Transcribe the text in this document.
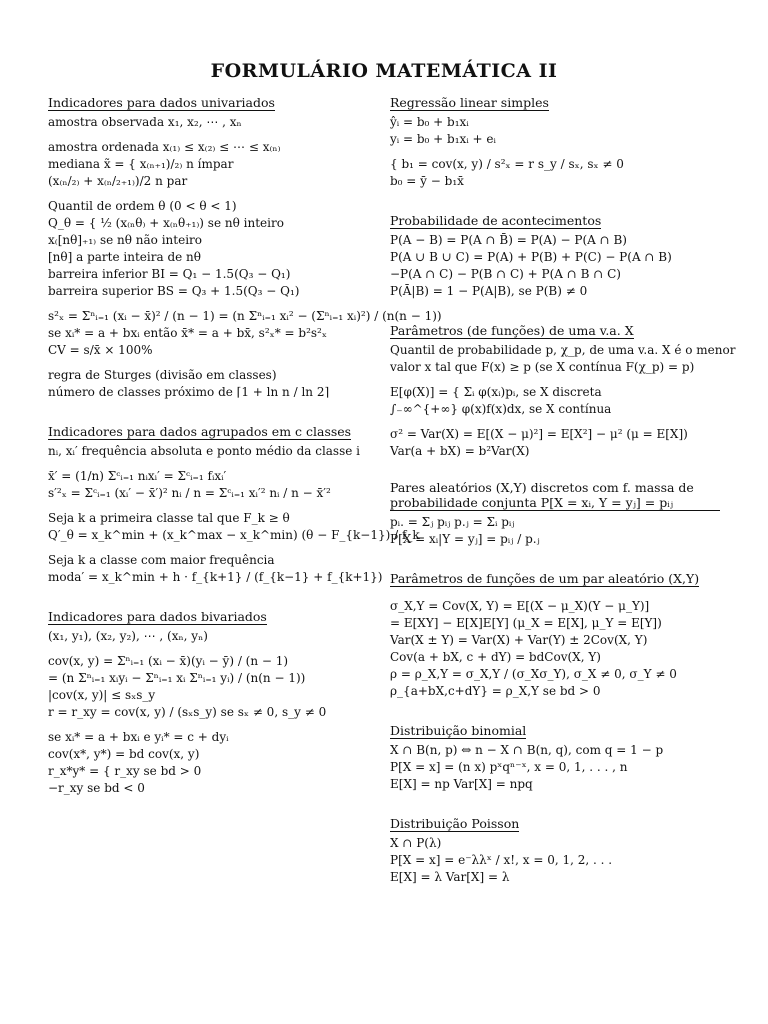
FORMULÁRIO MATEMÁTICA II
Indicadores para dados univariados
amostra observada x₁, x₂, ⋯ , xₙ
amostra ordenada x₍₁₎ ≤ x₍₂₎ ≤ ⋯ ≤ x₍ₙ₎
mediana x̃ = { x₍ₙ₊₁)/₂₎ n ímpar
(x₍ₙ/₂₎ + x₍ₙ/₂₊₁₎)/2 n par
Quantil de ordem θ (0 < θ < 1)
Q_θ = { ½ (x₍ₙθ₎ + x₍ₙθ₊₁₎) se nθ inteiro
x₍[nθ]₊₁₎ se nθ não inteiro
[nθ] a parte inteira de nθ
barreira inferior BI = Q₁ − 1.5(Q₃ − Q₁)
barreira superior BS = Q₃ + 1.5(Q₃ − Q₁)
s²ₓ = Σⁿᵢ₌₁ (xᵢ − x̄)² / (n − 1) = (n Σⁿᵢ₌₁ xᵢ² − (Σⁿᵢ₌₁ xᵢ)²) / (n(n − 1))
se xᵢ* = a + bxᵢ então x̄* = a + bx̄, s²ₓ* = b²s²ₓ
CV = s/x̄ × 100%
regra de Sturges (divisão em classes)
número de classes próximo de ⌈1 + ln n / ln 2⌉
Indicadores para dados agrupados em c classes
nᵢ, xᵢ′ frequência absoluta e ponto médio da classe i
x̄′ = (1/n) Σᶜᵢ₌₁ nᵢxᵢ′ = Σᶜᵢ₌₁ fᵢxᵢ′
s′²ₓ = Σᶜᵢ₌₁ (xᵢ′ − x̄′)² nᵢ / n = Σᶜᵢ₌₁ xᵢ′² nᵢ / n − x̄′²
Seja k a primeira classe tal que F_k ≥ θ
Q′_θ = x_k^min + (x_k^max − x_k^min) (θ − F_{k−1}) / f_k
Seja k a classe com maior frequência
moda′ = x_k^min + h · f_{k+1} / (f_{k−1} + f_{k+1})
Indicadores para dados bivariados
(x₁, y₁), (x₂, y₂), ⋯ , (xₙ, yₙ)
cov(x, y) = Σⁿᵢ₌₁ (xᵢ − x̄)(yᵢ − ȳ) / (n − 1)
= (n Σⁿᵢ₌₁ xᵢyᵢ − Σⁿᵢ₌₁ xᵢ Σⁿᵢ₌₁ yᵢ) / (n(n − 1))
|cov(x, y)| ≤ sₓs_y
r = r_xy = cov(x, y) / (sₓs_y) se sₓ ≠ 0, s_y ≠ 0
se xᵢ* = a + bxᵢ e yᵢ* = c + dyᵢ
cov(x*, y*) = bd cov(x, y)
r_x*y* = { r_xy se bd > 0
−r_xy se bd < 0
Regressão linear simples
ŷᵢ = b₀ + b₁xᵢ
yᵢ = b₀ + b₁xᵢ + eᵢ
{ b₁ = cov(x, y) / s²ₓ = r s_y / sₓ, sₓ ≠ 0
b₀ = ȳ − b₁x̄
Probabilidade de acontecimentos
P(A − B) = P(A ∩ B̄) = P(A) − P(A ∩ B)
P(A ∪ B ∪ C) = P(A) + P(B) + P(C) − P(A ∩ B)
−P(A ∩ C) − P(B ∩ C) + P(A ∩ B ∩ C)
P(Ā|B) = 1 − P(A|B), se P(B) ≠ 0
Parâmetros (de funções) de uma v.a. X
Quantil de probabilidade p, χ_p, de uma v.a. X é o menor
valor x tal que F(x) ≥ p (se X contínua F(χ_p) = p)
E[φ(X)] = { Σᵢ φ(xᵢ)pᵢ, se X discreta
∫₋∞^{+∞} φ(x)f(x)dx, se X contínua
σ² = Var(X) = E[(X − μ)²] = E[X²] − μ² (μ = E[X])
Var(a + bX) = b²Var(X)
Pares aleatórios (X,Y) discretos com f. massa de probabilidade conjunta P[X = xᵢ, Y = yⱼ] = pᵢⱼ
pᵢ. = Σⱼ pᵢⱼ p.ⱼ = Σᵢ pᵢⱼ
P[X = xᵢ|Y = yⱼ] = pᵢⱼ / p.ⱼ
Parâmetros de funções de um par aleatório (X,Y)
σ_X,Y = Cov(X, Y) = E[(X − μ_X)(Y − μ_Y)]
= E[XY] − E[X]E[Y] (μ_X = E[X], μ_Y = E[Y])
Var(X ± Y) = Var(X) + Var(Y) ± 2Cov(X, Y)
Cov(a + bX, c + dY) = bdCov(X, Y)
ρ = ρ_X,Y = σ_X,Y / (σ_Xσ_Y), σ_X ≠ 0, σ_Y ≠ 0
ρ_{a+bX,c+dY} = ρ_X,Y se bd > 0
Distribuição binomial
X ∩ B(n, p) ⇔ n − X ∩ B(n, q), com q = 1 − p
P[X = x] = (n x) pˣqⁿ⁻ˣ, x = 0, 1, . . . , n
E[X] = np Var[X] = npq
Distribuição Poisson
X ∩ P(λ)
P[X = x] = e⁻λλˣ / x!, x = 0, 1, 2, . . .
E[X] = λ Var[X] = λ
